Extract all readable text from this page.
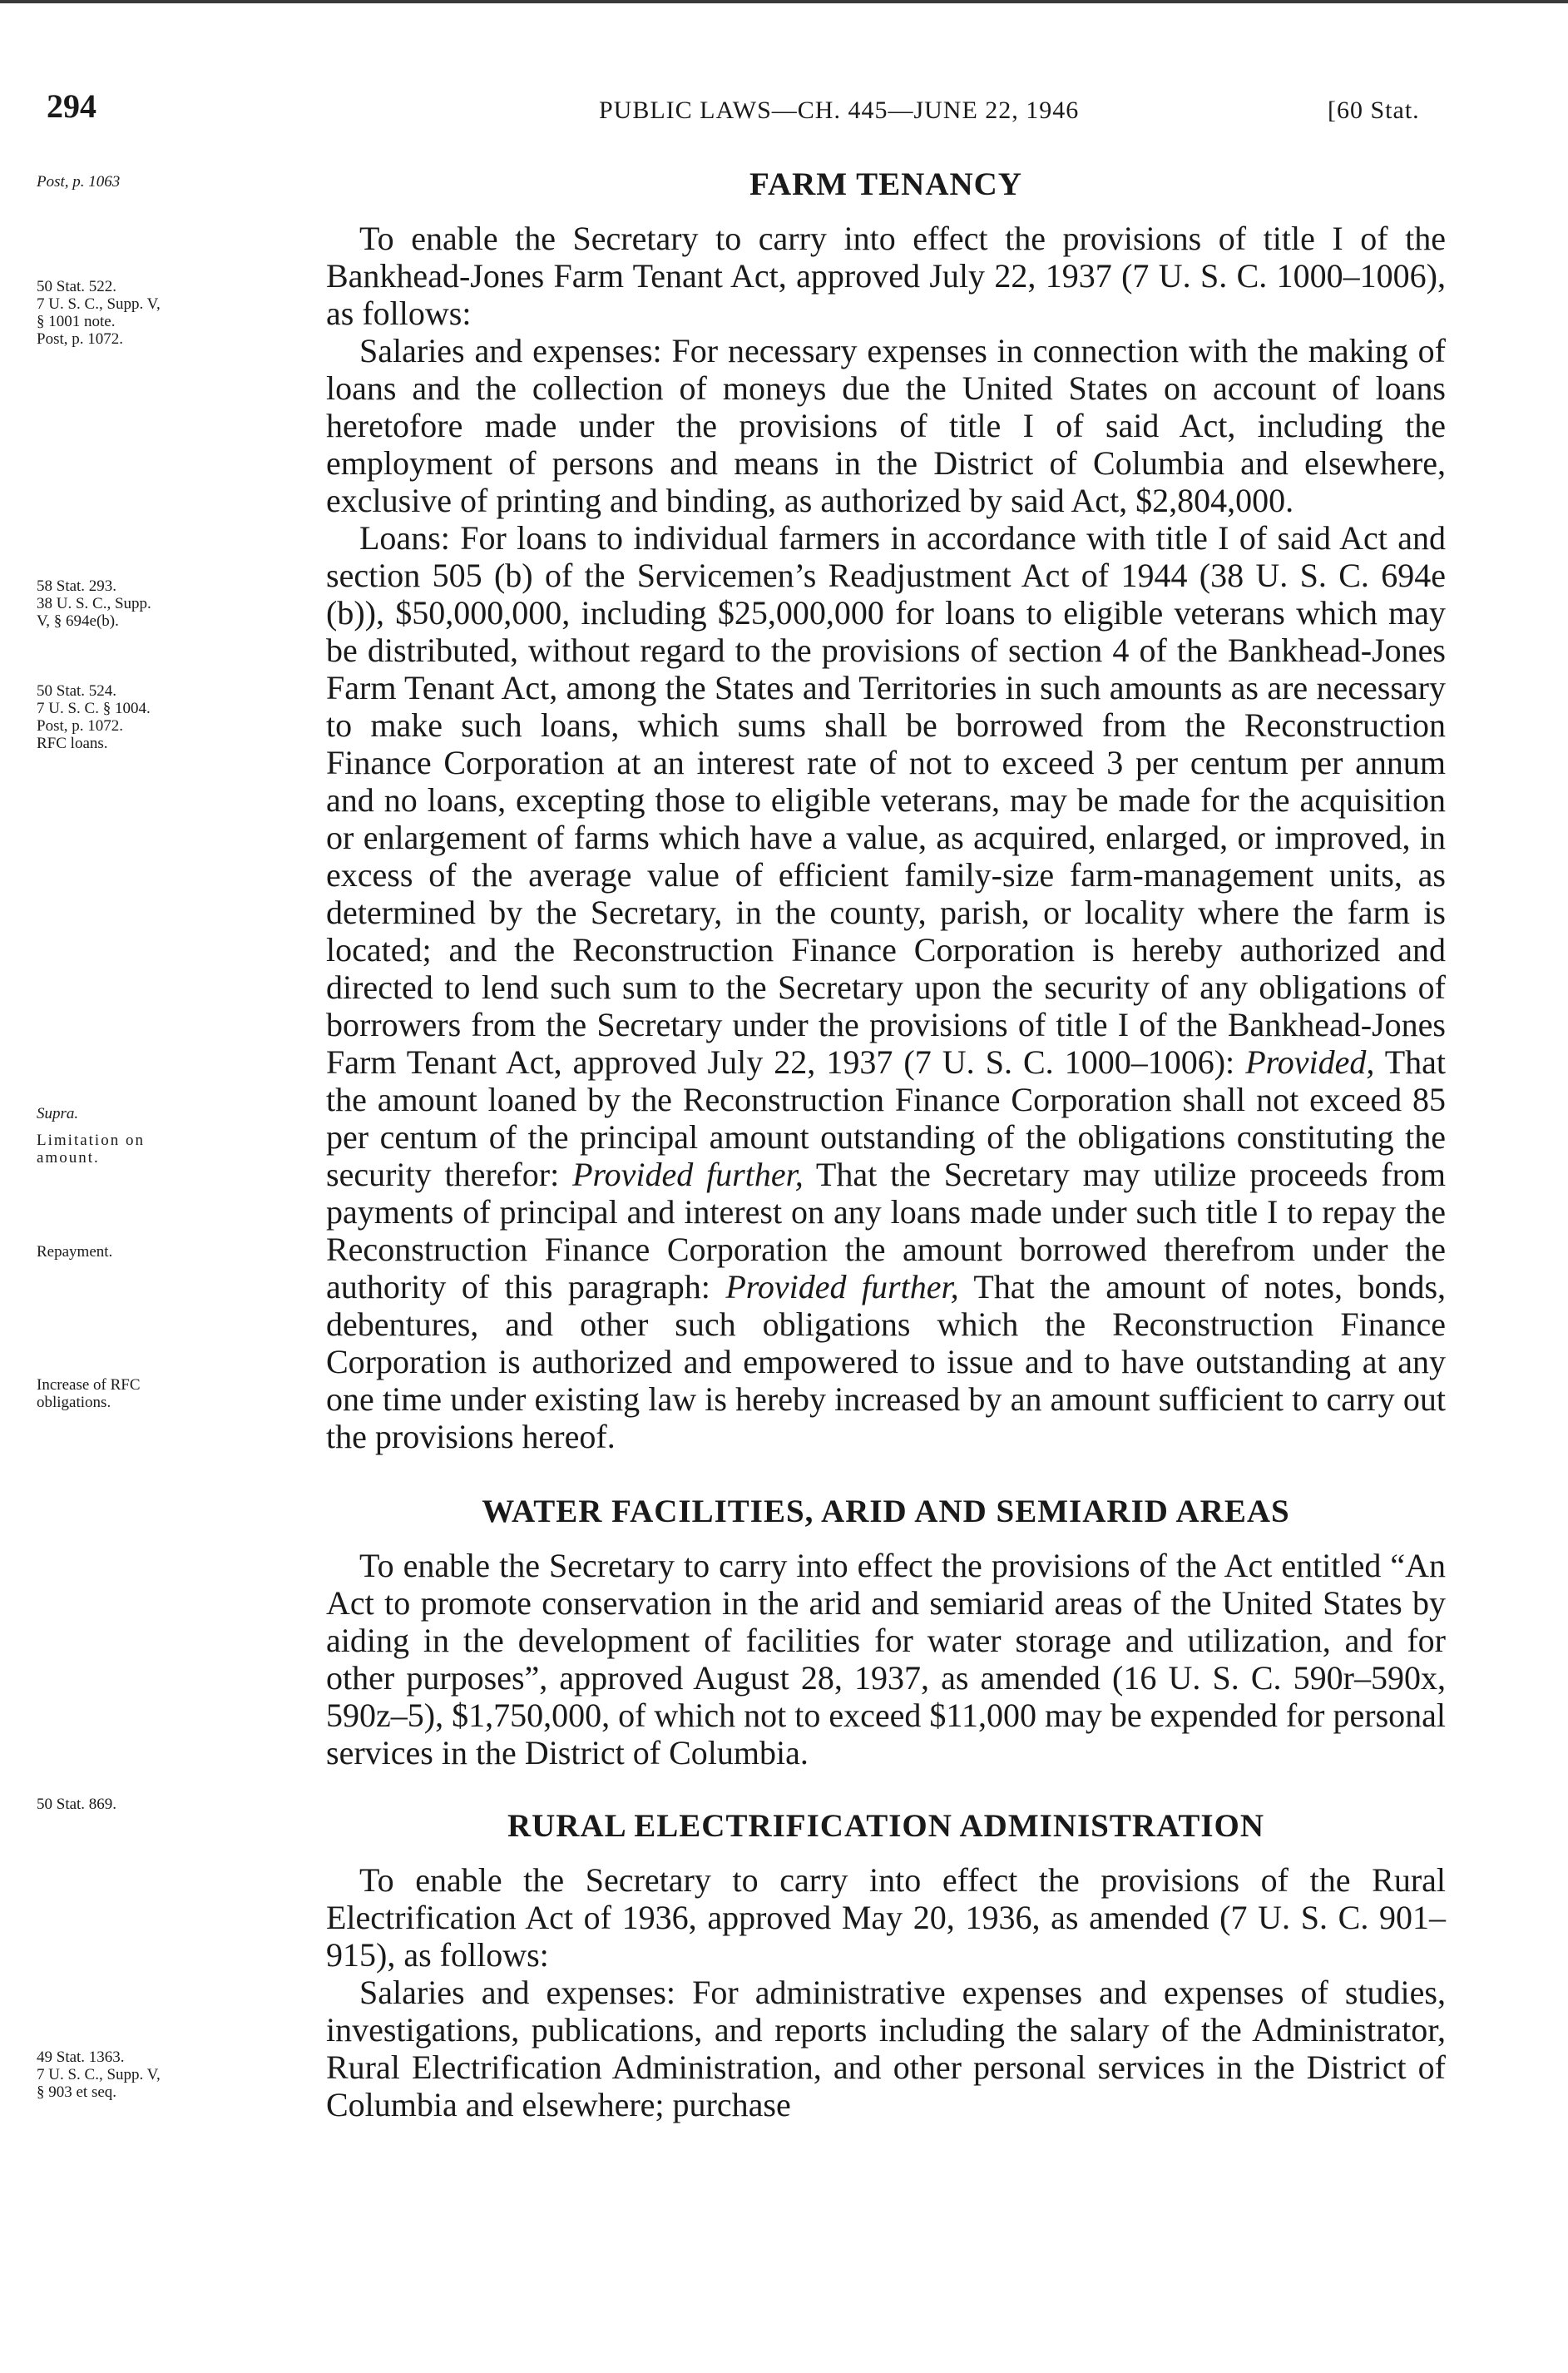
294	PUBLIC LAWS—CH. 445—JUNE 22, 1946	[60 Stat.
Post, p. 1063
50 Stat. 522.
7 U. S. C., Supp. V,
§ 1001 note.
Post, p. 1072.
58 Stat. 293.
38 U. S. C., Supp.
V, § 694e(b).
50 Stat. 524.
7 U. S. C. § 1004.
Post, p. 1072.
RFC loans.
Supra.
Limitation on
amount.
Repayment.
Increase of RFC
obligations.
50 Stat. 869.
49 Stat. 1363.
7 U. S. C., Supp. V,
§ 903 et seq.
FARM TENANCY

To enable the Secretary to carry into effect the provisions of title I of the Bankhead-Jones Farm Tenant Act, approved July 22, 1937 (7 U. S. C. 1000–1006), as follows:

Salaries and expenses: For necessary expenses in connection with the making of loans and the collection of moneys due the United States on account of loans heretofore made under the provisions of title I of said Act, including the employment of persons and means in the District of Columbia and elsewhere, exclusive of printing and binding, as authorized by said Act, $2,804,000.

Loans: For loans to individual farmers in accordance with title I of said Act and section 505 (b) of the Servicemen’s Readjustment Act of 1944 (38 U. S. C. 694e (b)), $50,000,000, including $25,000,000 for loans to eligible veterans which may be distributed, without regard to the provisions of section 4 of the Bankhead-Jones Farm Tenant Act, among the States and Territories in such amounts as are necessary to make such loans, which sums shall be borrowed from the Reconstruction Finance Corporation at an interest rate of not to exceed 3 per centum per annum and no loans, excepting those to eligible veterans, may be made for the acquisition or enlargement of farms which have a value, as acquired, enlarged, or improved, in excess of the average value of efficient family-size farm-management units, as determined by the Secretary, in the county, parish, or locality where the farm is located; and the Reconstruction Finance Corporation is hereby authorized and directed to lend such sum to the Secretary upon the security of any obligations of borrowers from the Secretary under the provisions of title I of the Bankhead-Jones Farm Tenant Act, approved July 22, 1937 (7 U. S. C. 1000–1006): Provided, That the amount loaned by the Reconstruction Finance Corporation shall not exceed 85 per centum of the principal amount outstanding of the obligations constituting the security therefor: Provided further, That the Secretary may utilize proceeds from payments of principal and interest on any loans made under such title I to repay the Reconstruction Finance Corporation the amount borrowed therefrom under the authority of this paragraph: Provided further, That the amount of notes, bonds, debentures, and other such obligations which the Reconstruction Finance Corporation is authorized and empowered to issue and to have outstanding at any one time under existing law is hereby increased by an amount sufficient to carry out the provisions hereof.

WATER FACILITIES, ARID AND SEMIARID AREAS

To enable the Secretary to carry into effect the provisions of the Act entitled “An Act to promote conservation in the arid and semiarid areas of the United States by aiding in the development of facilities for water storage and utilization, and for other purposes”, approved August 28, 1937, as amended (16 U. S. C. 590r–590x, 590z–5), $1,750,000, of which not to exceed $11,000 may be expended for personal services in the District of Columbia.

RURAL ELECTRIFICATION ADMINISTRATION

To enable the Secretary to carry into effect the provisions of the Rural Electrification Act of 1936, approved May 20, 1936, as amended (7 U. S. C. 901–915), as follows:

Salaries and expenses: For administrative expenses and expenses of studies, investigations, publications, and reports including the salary of the Administrator, Rural Electrification Administration, and other personal services in the District of Columbia and elsewhere; purchase
